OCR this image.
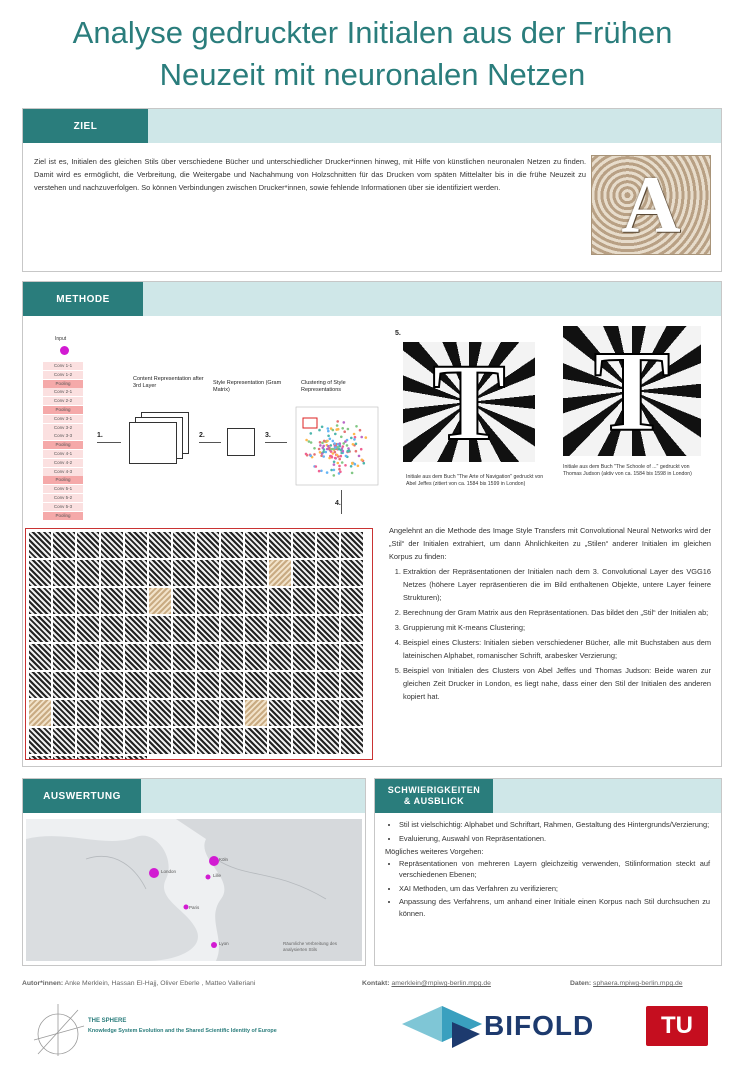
Analyse gedruckter Initialen aus der Frühen
Neuzeit mit neuronalen Netzen
ZIEL
Ziel ist es, Initialen des gleichen Stils über verschiedene Bücher und unterschiedlicher Drucker*innen hinweg, mit Hilfe von künstlichen neuronalen Netzen zu finden. Damit wird es ermöglicht, die Verbreitung, die Weitergabe und Nachahmung von Holzschnitten für das Drucken vom späten Mittelalter bis in die frühe Neuzeit zu verstehen und nachzuverfolgen. So können Verbindungen zwischen Drucker*innen, sowie fehlende Informationen über sie identifiziert werden.	A
METHODE
Input
Conv 1-1
Conv 1-2
Pooling
Conv 2-1
Conv 2-2
Pooling
Conv 3-1
Conv 3-2
Conv 3-3
Pooling
Conv 4-1
Conv 4-2
Conv 4-3
Pooling
Conv 5-1
Conv 5-2
Conv 5-3
Pooling
1.
Content Representation after 3rd Layer
2.
Style Representation (Gram Matrix)
3.
Clustering of Style Representations
4.
5.
T T
Initiale aus dem Buch "The Arte of Navigation" gedruckt von Abel Jeffes (zitiert von ca. 1584 bis 1599 in London)
Initiale aus dem Buch "The Schoole of ..." gedruckt von Thomas Judson (aktiv von ca. 1584 bis 1598 in London)
Angelehnt an die Methode des Image Style Transfers mit Convolutional Neural Networks wird der „Stil“ der Initialen extrahiert, um dann Ähnlichkeiten zu „Stilen“ anderer Initialen im gleichen Korpus zu finden:
1. Extraktion der Repräsentationen der Initialen nach dem 3. Convolutional Layer des VGG16 Netzes (höhere Layer repräsentieren die im Bild enthaltenen Objekte, untere Layer feinere Strukturen);
2. Berechnung der Gram Matrix aus den Repräsentationen. Das bildet den „Stil“ der Initialen ab;
3. Gruppierung mit K-means Clustering;
4. Beispiel eines Clusters: Initialen sieben verschiedener Bücher, alle mit Buchstaben aus dem lateinischen Alphabet, romanischer Schrift, arabesker Verzierung;
5. Beispiel von Initialen des Clusters von Abel Jeffes und Thomas Judson: Beide waren zur gleichen Zeit Drucker in London, es liegt nahe, dass einer den Stil der Initialen des anderen kopiert hat.
AUSWERTUNG
London
Köln
Paris
Lyon
Lille
Räumliche Verbreitung des analysierten Stils
SCHWIERIGKEITEN
& AUSBLICK
• Stil ist vielschichtig: Alphabet und Schriftart, Rahmen, Gestaltung des Hintergrunds/Verzierung;
• Evaluierung, Auswahl von Repräsentationen.
Mögliches weiteres Vorgehen:
• Repräsentationen von mehreren Layern gleichzeitig verwenden, Stilinformation steckt auf verschiedenen Ebenen;
• XAI Methoden, um das Verfahren zu verifizieren;
• Anpassung des Verfahrens, um anhand einer Initiale einen Korpus nach Stil durchsuchen zu können.
Autor*innen: Anke Merklein, Hassan El-Hajj, Oliver Eberle , Matteo Valleriani	Kontakt: amerklein@mpiwg-berlin.mpg.de	Daten: sphaera.mpiwg-berlin.mpg.de
THE SPHERE
Knowledge System Evolution and the Shared Scientific Identity of Europe	BIFOLD	TU
